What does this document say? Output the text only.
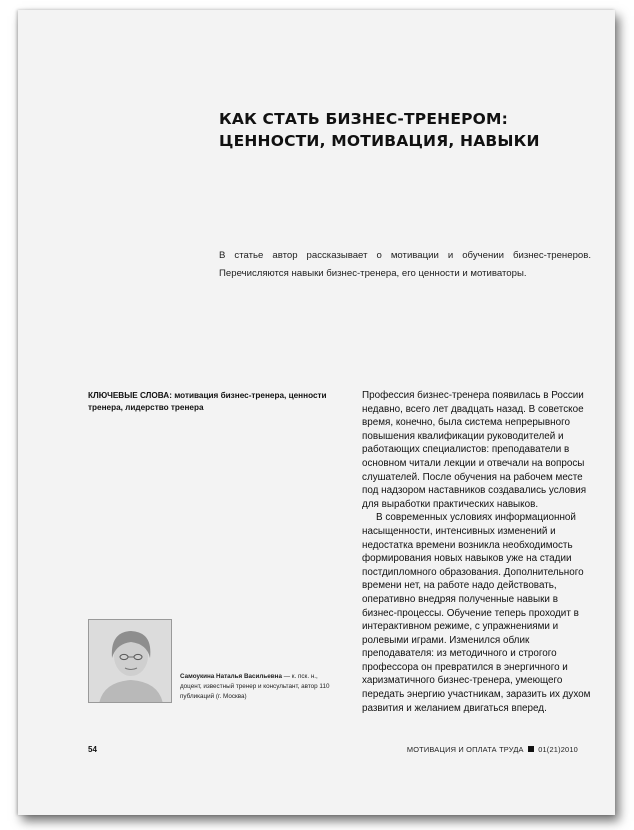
КАК СТАТЬ БИЗНЕС-ТРЕНЕРОМ: ЦЕННОСТИ, МОТИВАЦИЯ, НАВЫКИ
В статье автор рассказывает о мотивации и обучении бизнес-тренеров. Перечисляются навыки бизнес-тренера, его ценности и мотиваторы.
КЛЮЧЕВЫЕ СЛОВА: мотивация бизнес-тренера, ценности тренера, лидерство тренера

Профессия бизнес-тренера появилась в России недавно, всего лет двадцать назад. В советское время, конечно, была система непрерывного повышения квалификации руководителей и работающих специалистов: преподаватели в основном читали лекции и отвечали на вопросы слушателей. После обучения на рабочем месте под надзором наставников создавались условия для выработки практических навыков.

В современных условиях информационной насыщенности, интенсивных изменений и недостатка времени возникла необходимость формирования новых навыков уже на стадии постдипломного образования. Дополнительного времени нет, на работе надо действовать, оперативно внедряя полученные навыки в бизнес-процессы. Обучение теперь проходит в интерактивном режиме, с упражнениями и ролевыми играми. Изменился облик преподавателя: из методичного и строгого профессора он превратился в энергичного и харизматичного бизнес-тренера, умеющего передать энергию участникам, заразить их духом развития и желанием двигаться вперед.

Самоукина Наталья Васильевна — к. пск. н., доцент, известный тренер и консультант, автор 110 публикаций (г. Москва)
54	МОТИВАЦИЯ И ОПЛАТА ТРУДА 01(21)2010
